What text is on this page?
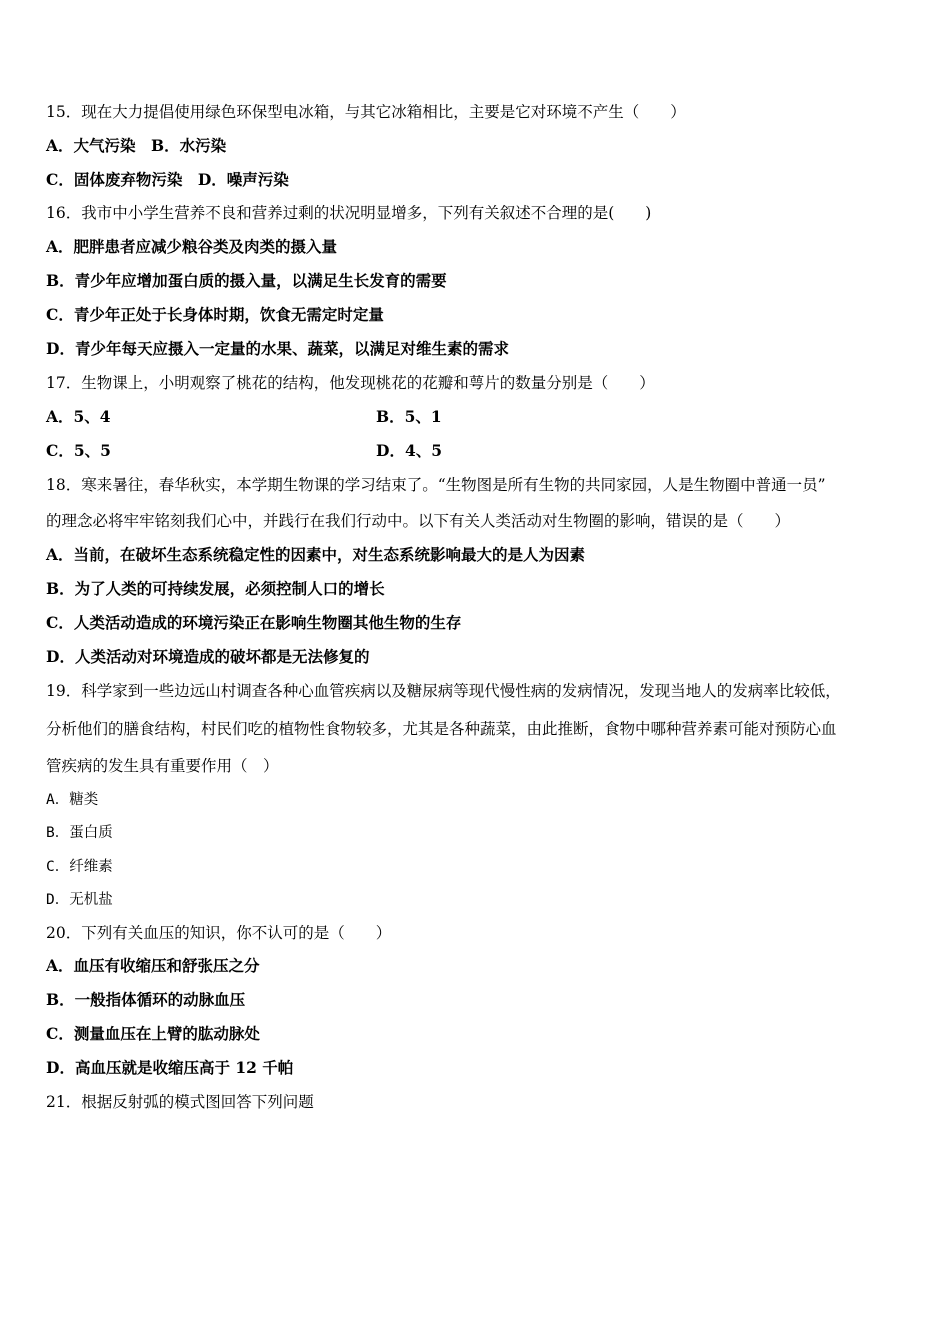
15．现在大力提倡使用绿色环保型电冰箱，与其它冰箱相比，主要是它对环境不产生（　　）
A．大气污染　B．水污染
C．固体废弃物污染　D．噪声污染
16．我市中小学生营养不良和营养过剩的状况明显增多，下列有关叙述不合理的是(　　)
A．肥胖患者应减少粮谷类及肉类的摄入量
B．青少年应增加蛋白质的摄入量，以满足生长发育的需要
C．青少年正处于长身体时期，饮食无需定时定量
D．青少年每天应摄入一定量的水果、蔬菜，以满足对维生素的需求
17．生物课上，小明观察了桃花的结构，他发现桃花的花瓣和萼片的数量分别是（　　）
A．5、4	B．5、1
C．5、5	D．4、5
18．寒来暑往，春华秋实，本学期生物课的学习结束了。“生物图是所有生物的共同家园，人是生物圈中普通一员”
的理念必将牢牢铭刻我们心中，并践行在我们行动中。以下有关人类活动对生物圈的影响，错误的是（　　）
A．当前，在破坏生态系统稳定性的因素中，对生态系统影响最大的是人为因素
B．为了人类的可持续发展，必须控制人口的增长
C．人类活动造成的环境污染正在影响生物圈其他生物的生存
D．人类活动对环境造成的破坏都是无法修复的
19．科学家到一些边远山村调查各种心血管疾病以及糖尿病等现代慢性病的发病情况，发现当地人的发病率比较低，
分析他们的膳食结构，村民们吃的植物性食物较多，尤其是各种蔬菜，由此推断，食物中哪种营养素可能对预防心血
管疾病的发生具有重要作用（　）
A．糖类
B．蛋白质
C．纤维素
D．无机盐
20．下列有关血压的知识，你不认可的是（　　）
A．血压有收缩压和舒张压之分
B．一般指体循环的动脉血压
C．测量血压在上臂的肱动脉处
D．高血压就是收缩压高于 12 千帕
21．根据反射弧的模式图回答下列问题
